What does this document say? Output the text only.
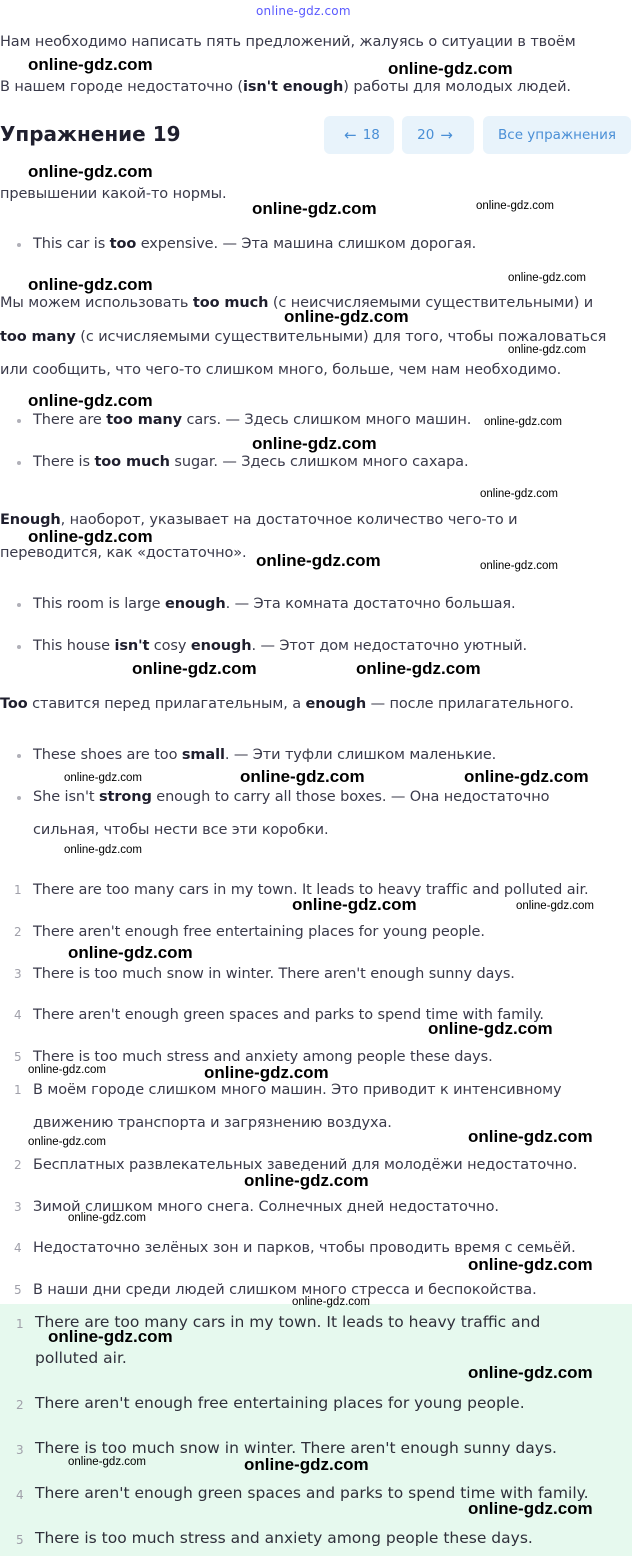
online-gdz.com
Нам необходимо написать пять предложений, жалуясь о ситуации в твоём
В нашем городе недостаточно (isn't enough) работы для молодых людей.
Упражнение 19	← 18	20 →	Все упражнения
превышении какой-то нормы.
This car is too expensive. — Эта машина слишком дорогая.
Мы можем использовать too much (с неисчисляемыми существительными) и
too many (с исчисляемыми существительными) для того, чтобы пожаловаться
или сообщить, что чего-то слишком много, больше, чем нам необходимо.
There are too many cars. — Здесь слишком много машин.
There is too much sugar. — Здесь слишком много сахара.
Enough, наоборот, указывает на достаточное количество чего-то и
переводится, как «достаточно».
This room is large enough. — Эта комната достаточно большая.
This house isn't cosy enough. — Этот дом недостаточно уютный.
Too ставится перед прилагательным, а enough — после прилагательного.
These shoes are too small. — Эти туфли слишком маленькие.
She isn't strong enough to carry all those boxes. — Она недостаточно
сильная, чтобы нести все эти коробки.
1 There are too many cars in my town. It leads to heavy traffic and polluted air.
2 There aren't enough free entertaining places for young people.
3 There is too much snow in winter. There aren't enough sunny days.
4 There aren't enough green spaces and parks to spend time with family.
5 There is too much stress and anxiety among people these days.
1 В моём городе слишком много машин. Это приводит к интенсивному
движению транспорта и загрязнению воздуха.
2 Бесплатных развлекательных заведений для молодёжи недостаточно.
3 Зимой слишком много снега. Солнечных дней недостаточно.
4 Недостаточно зелёных зон и парков, чтобы проводить время с семьёй.
5 В наши дни среди людей слишком много стресса и беспокойства.
1 There are too many cars in my town. It leads to heavy traffic and
polluted air.
2 There aren't enough free entertaining places for young people.
3 There is too much snow in winter. There aren't enough sunny days.
4 There aren't enough green spaces and parks to spend time with family.
5 There is too much stress and anxiety among people these days.
online-gdz.com	online-gdz.com
online-gdz.com
online-gdz.com
online-gdz.com
online-gdz.com
online-gdz.com
online-gdz.com
online-gdz.com
online-gdz.com
online-gdz.com	online-gdz.com
online-gdz.com	online-gdz.com
online-gdz.com
online-gdz.com
online-gdz.com
online-gdz.com
online-gdz.com
online-gdz.com
online-gdz.com
online-gdz.com
online-gdz.com
online-gdz.com
online-gdz.com
online-gdz.com
online-gdz.com
online-gdz.com
online-gdz.com
online-gdz.com
online-gdz.com
online-gdz.com
online-gdz.com
online-gdz.com
online-gdz.com
online-gdz.com
online-gdz.com
online-gdz.com
online-gdz.com
